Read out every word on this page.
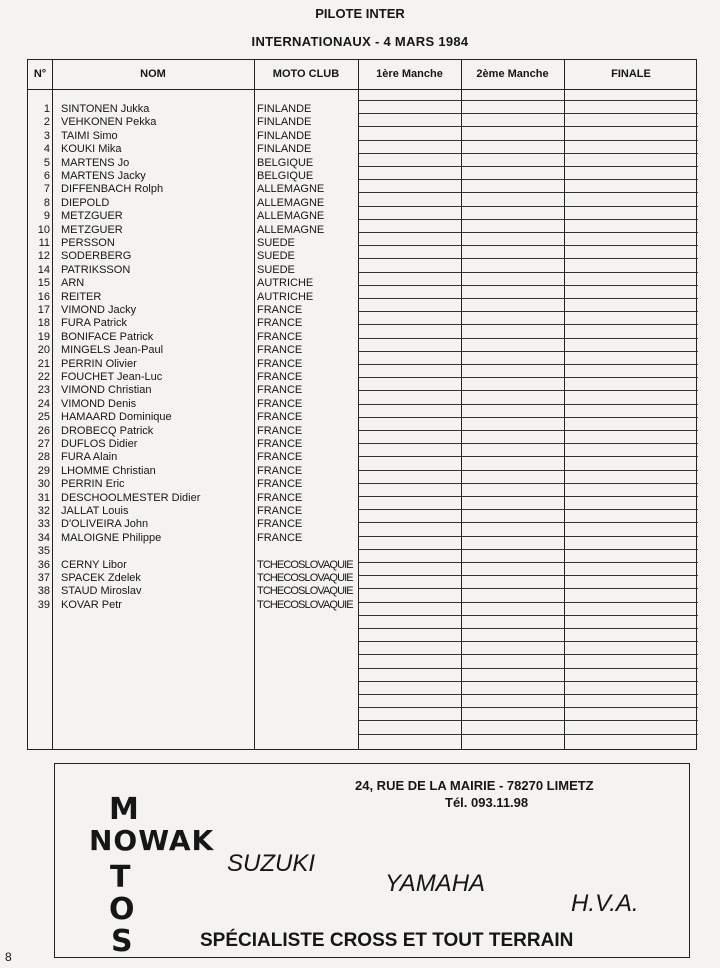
PILOTE INTER
INTERNATIONAUX - 4 MARS 1984
N°	NOM	MOTO CLUB	1ère Manche	2ème Manche	FINALE
1 SINTONEN Jukka	FINLANDE
2 VEHKONEN Pekka	FINLANDE
3 TAIMI Simo	FINLANDE
4 KOUKI Mika	FINLANDE
5 MARTENS Jo	BELGIQUE
6 MARTENS Jacky	BELGIQUE
7 DIFFENBACH Rolph	ALLEMAGNE
8 DIEPOLD	ALLEMAGNE
9 METZGUER	ALLEMAGNE
10 METZGUER	ALLEMAGNE
11 PERSSON	SUEDE
12 SODERBERG	SUEDE
14 PATRIKSSON	SUEDE
15 ARN	AUTRICHE
16 REITER	AUTRICHE
17 VIMOND Jacky	FRANCE
18 FURA Patrick	FRANCE
19 BONIFACE Patrick	FRANCE
20 MINGELS Jean-Paul	FRANCE
21 PERRIN Olivier	FRANCE
22 FOUCHET Jean-Luc	FRANCE
23 VIMOND Christian	FRANCE
24 VIMOND Denis	FRANCE
25 HAMAARD Dominique	FRANCE
26 DROBECQ Patrick	FRANCE
27 DUFLOS Didier	FRANCE
28 FURA Alain	FRANCE
29 LHOMME Christian	FRANCE
30 PERRIN Eric	FRANCE
31 DESCHOOLMESTER Didier	FRANCE
32 JALLAT Louis	FRANCE
33 D'OLIVEIRA John	FRANCE
34 MALOIGNE Philippe	FRANCE
35
36 CERNY Libor	TCHECOSLOVAQUIE
37 SPACEK Zdelek	TCHECOSLOVAQUIE
38 STAUD Miroslav	TCHECOSLOVAQUIE
39 KOVAR Petr	TCHECOSLOVAQUIE
24, RUE DE LA MAIRIE - 78270 LIMETZ
Tél. 093.11.98
M
NOWAK
T
O
S
SUZUKI
YAMAHA
H.V.A.
SPÉCIALISTE CROSS ET TOUT TERRAIN
8
